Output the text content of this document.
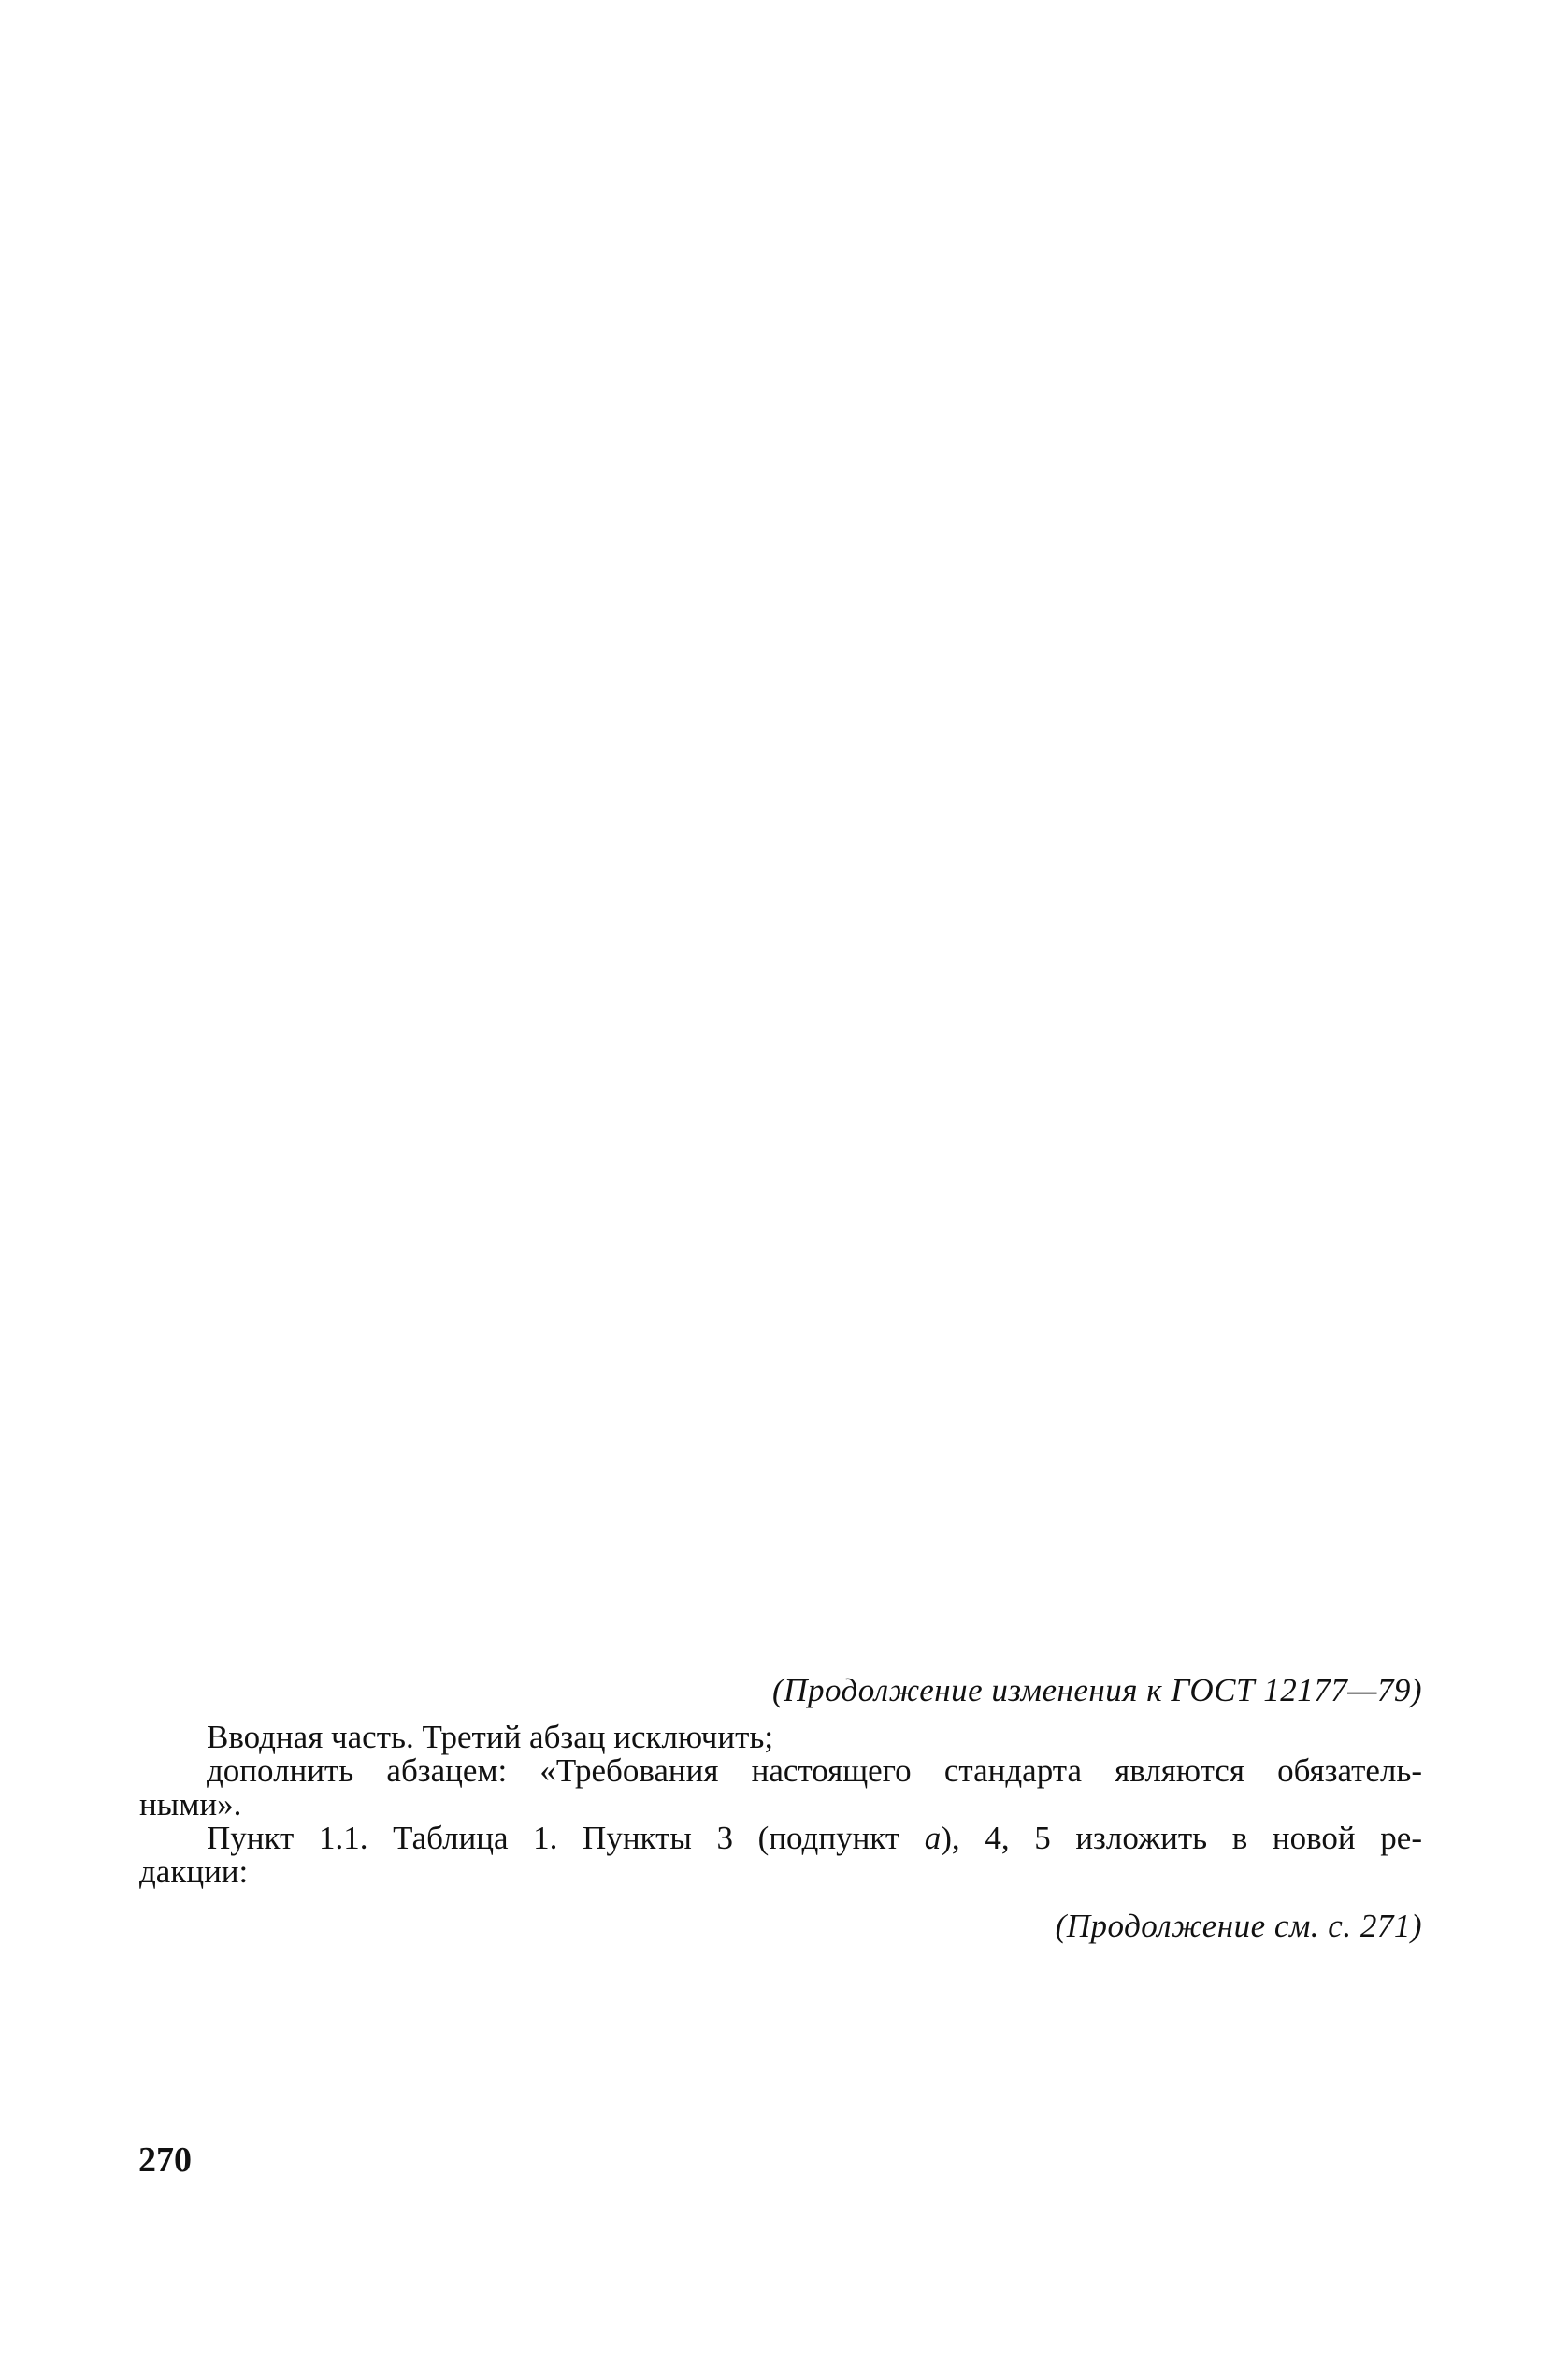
(Продолжение изменения к ГОСТ 12177—79)
Вводная часть. Третий абзац исключить;
дополнить абзацем: «Требования настоящего стандарта являются обязатель-
ными».
Пункт 1.1. Таблица 1. Пункты 3 (подпункт а), 4, 5 изложить в новой ре-
дакции:
(Продолжение см. с. 271)
270
